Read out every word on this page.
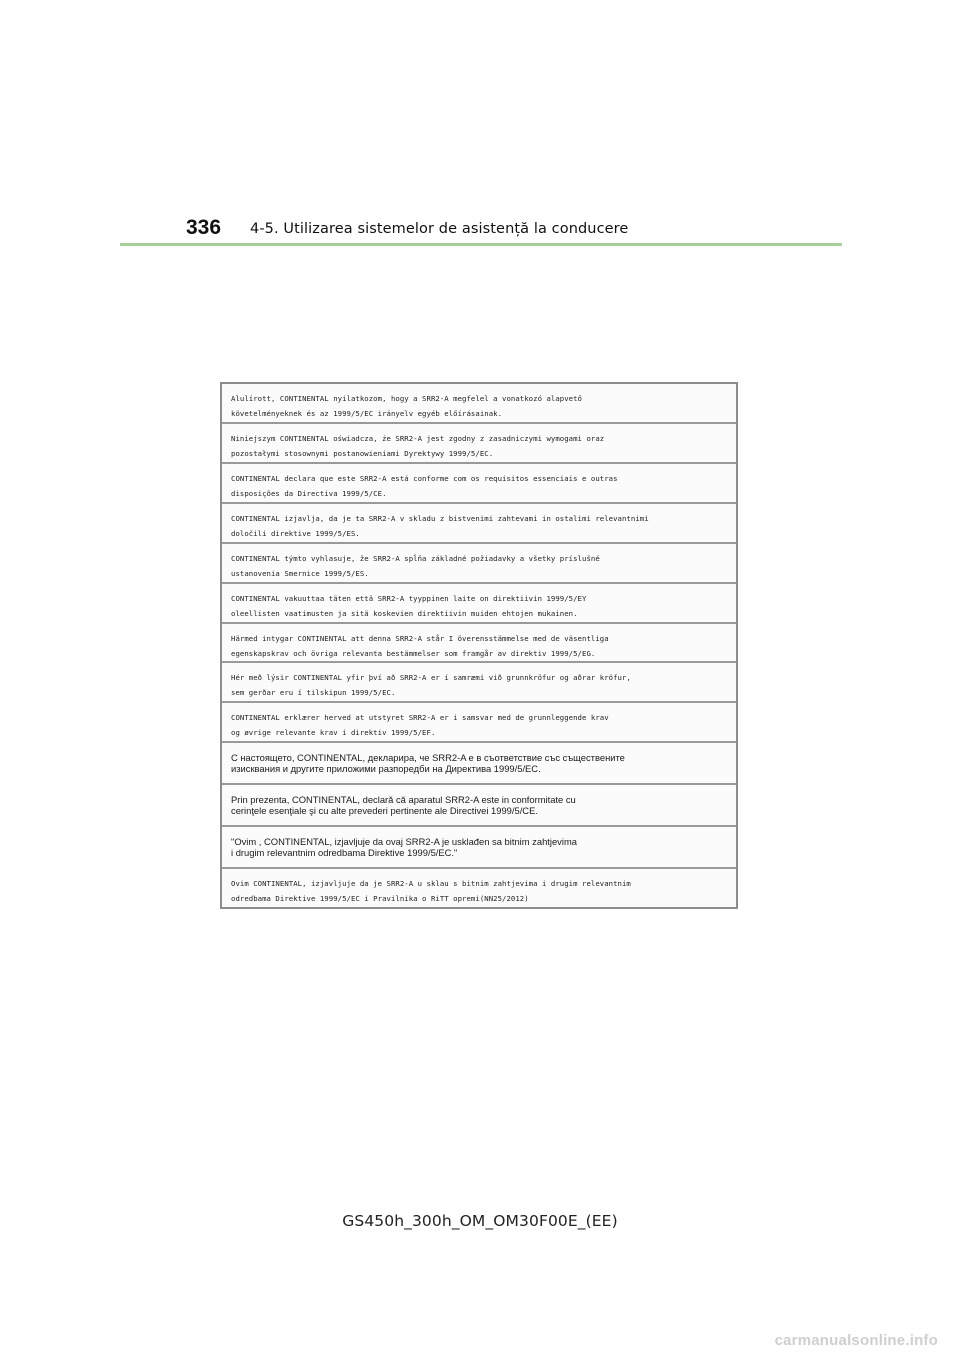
336	4-5. Utilizarea sistemelor de asistență la conducere
Alulírott, CONTINENTAL nyilatkozom, hogy a SRR2-A megfelel a vonatkozó alapvető
követelményeknek és az 1999/5/EC irányelv egyéb előírásainak.
Niniejszym CONTINENTAL oświadcza, że SRR2-A jest zgodny z zasadniczymi wymogami oraz
pozostałymi stosownymi postanowieniami Dyrektywy 1999/5/EC.
CONTINENTAL declara que este SRR2-A está conforme com os requisitos essenciais e outras
disposições da Directiva 1999/5/CE.
CONTINENTAL izjavlja, da je ta SRR2-A v skladu z bistvenimi zahtevami in ostalimi relevantnimi
določili direktive 1999/5/ES.
CONTINENTAL týmto vyhlasuje, že SRR2-A spĺňa základné požiadavky a všetky príslušné
ustanovenia Smernice 1999/5/ES.
CONTINENTAL vakuuttaa täten että SRR2-A tyyppinen laite on direktiivin 1999/5/EY
oleellisten vaatimusten ja sitä koskevien direktiivin muiden ehtojen mukainen.
Härmed intygar CONTINENTAL att denna SRR2-A står I överensstämmelse med de väsentliga
egenskapskrav och övriga relevanta bestämmelser som framgår av direktiv 1999/5/EG.
Hér með lýsir CONTINENTAL yfir því að SRR2-A er í samræmi við grunnkröfur og aðrar kröfur,
sem gerðar eru í tilskipun 1999/5/EC.
CONTINENTAL erklærer herved at utstyret SRR2-A er i samsvar med de grunnleggende krav
og øvrige relevante krav i direktiv 1999/5/EF.
С настоящето, CONTINENTAL, декларира, че SRR2-A е в съответствие със съществените
изисквания и другите приложими разпоредби на Директива 1999/5/EC.
Prin prezenta, CONTINENTAL, declară că aparatul SRR2-A este in conformitate cu
cerinţele esenţiale şi cu alte prevederi pertinente ale Directivei 1999/5/CE.
"Ovim , CONTINENTAL, izjavljuje da ovaj SRR2-A je usklađen sa bitnim zahtjevima
i drugim relevantnim odredbama Direktive 1999/5/EC."
Ovim CONTINENTAL, izjavljuje da je SRR2-A u sklau s bitnim zahtjevima i drugim relevantnim
odredbama Direktive 1999/5/EC i Pravilnika o RiTT opremi(NN25/2012)
GS450h_300h_OM_OM30F00E_(EE)
carmanualsonline.info
